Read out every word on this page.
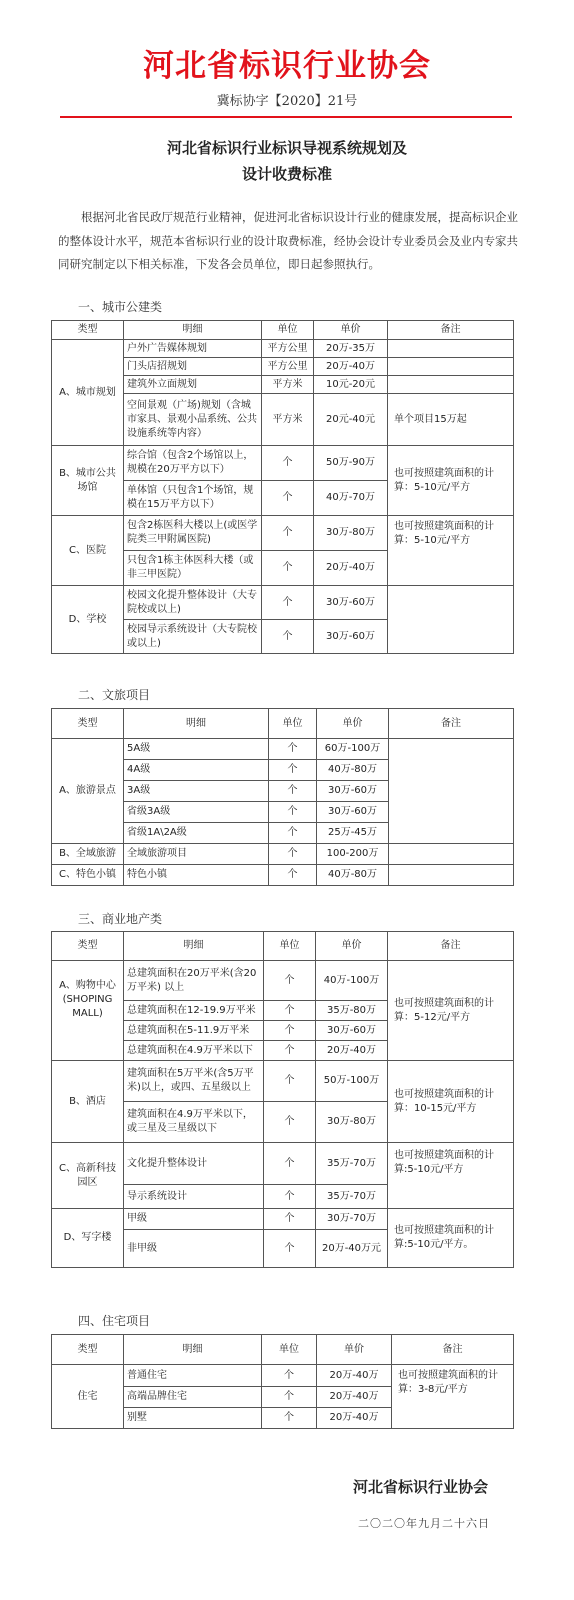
河北省标识行业协会
冀标协字【2020】21号
河北省标识行业标识导视系统规划及
设计收费标准

根据河北省民政厅规范行业精神，促进河北省标识设计行业的健康发展，提高标识企业的整体设计水平，规范本省标识行业的设计取费标准，经协会设计专业委员会及业内专家共同研究制定以下相关标准，下发各会员单位，即日起参照执行。

一、城市公建类
类型	明细	单位	单价	备注
A、城市规划	户外广告媒体规划	平方公里	20万-35万	
	门头店招规划	平方公里	20万-40万	
	建筑外立面规划	平方米	10元-20元	
	空间景观（广场)规划（含城市家具、景观小品系统、公共设施系统等内容）	平方米	20元-40元	单个项目15万起
B、城市公共场馆	综合馆（包含2个场馆以上，规模在20万平方以下）	个	50万-90万	也可按照建筑面积的计算：5-10元/平方
	单体馆（只包含1个场馆，规模在15万平方以下）	个	40万-70万	
C、医院	包含2栋医科大楼以上(或医学院类三甲附属医院)	个	30万-80万	也可按照建筑面积的计算：5-10元/平方
	只包含1栋主体医科大楼（或非三甲医院）	个	20万-40万	
D、学校	校园文化提升整体设计（大专院校或以上)	个	30万-60万	
	校园导示系统设计（大专院校或以上)	个	30万-60万	
二、文旅项目
类型	明细	单位	单价	备注
A、旅游景点	5A级	个	60万-100万	
	4A级	个	40万-80万	
	3A级	个	30万-60万	
	省级3A级	个	30万-60万	
	省级1A\2A级	个	25万-45万	
B、全域旅游	全域旅游项目	个	100-200万	
C、特色小镇	特色小镇	个	40万-80万	
三、商业地产类
类型	明细	单位	单价	备注
A、购物中心(SHOPING MALL)	总建筑面积在20万平米(含20万平米) 以上	个	40万-100万	也可按照建筑面积的计算：5-12元/平方
	总建筑面积在12-19.9万平米	个	35万-80万	
	总建筑面积在5-11.9万平米	个	30万-60万	
	总建筑面积在4.9万平米以下	个	20万-40万	
B、酒店	建筑面积在5万平米(含5万平米)以上，或四、五星级以上	个	50万-100万	也可按照建筑面积的计算：10-15元/平方
	建筑面积在4.9万平米以下，或三星及三星级以下	个	30万-80万	
C、高新科技园区	文化提升整体设计	个	35万-70万	也可按照建筑面积的计算:5-10元/平方
	导示系统设计	个	35万-70万	
D、写字楼	甲级	个	30万-70万	也可按照建筑面积的计算:5-10元/平方。
	非甲级	个	20万-40万元	
四、住宅项目
类型	明细	单位	单价	备注
住宅	普通住宅	个	20万-40万	也可按照建筑面积的计算：3-8元/平方
	高端品牌住宅	个	20万-40万	
	别墅	个	20万-40万	
河北省标识行业协会
二〇二〇年九月二十六日
